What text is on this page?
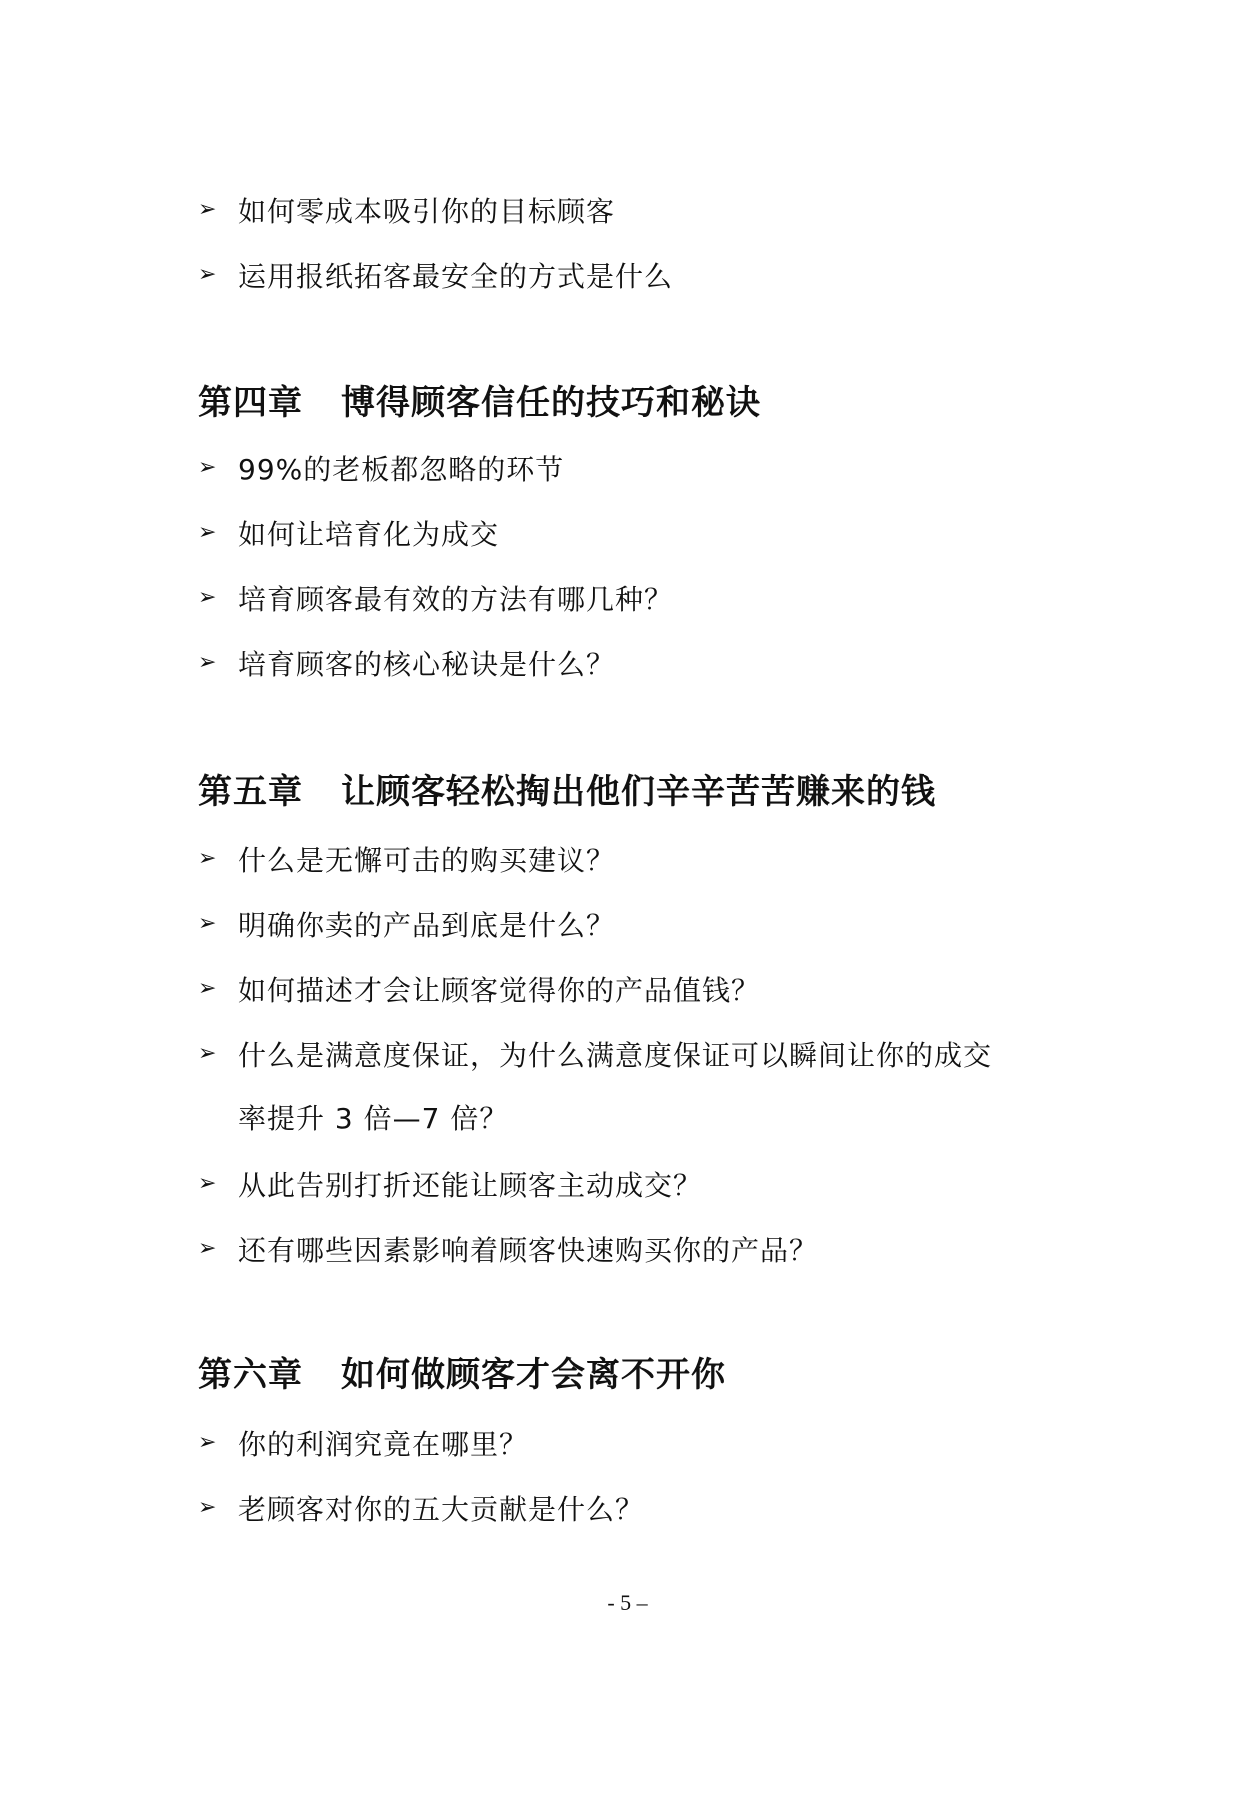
➢ 如何零成本吸引你的目标顾客
➢ 运用报纸拓客最安全的方式是什么
第四章 博得顾客信任的技巧和秘诀
➢ 99%的老板都忽略的环节
➢ 如何让培育化为成交
➢ 培育顾客最有效的方法有哪几种？
➢ 培育顾客的核心秘诀是什么？
第五章 让顾客轻松掏出他们辛辛苦苦赚来的钱
➢ 什么是无懈可击的购买建议？
➢ 明确你卖的产品到底是什么？
➢ 如何描述才会让顾客觉得你的产品值钱？
➢ 什么是满意度保证，为什么满意度保证可以瞬间让你的成交
率提升 3 倍—7 倍？
➢ 从此告别打折还能让顾客主动成交？
➢ 还有哪些因素影响着顾客快速购买你的产品？
第六章 如何做顾客才会离不开你
➢ 你的利润究竟在哪里？
➢ 老顾客对你的五大贡献是什么？
- 5 –
